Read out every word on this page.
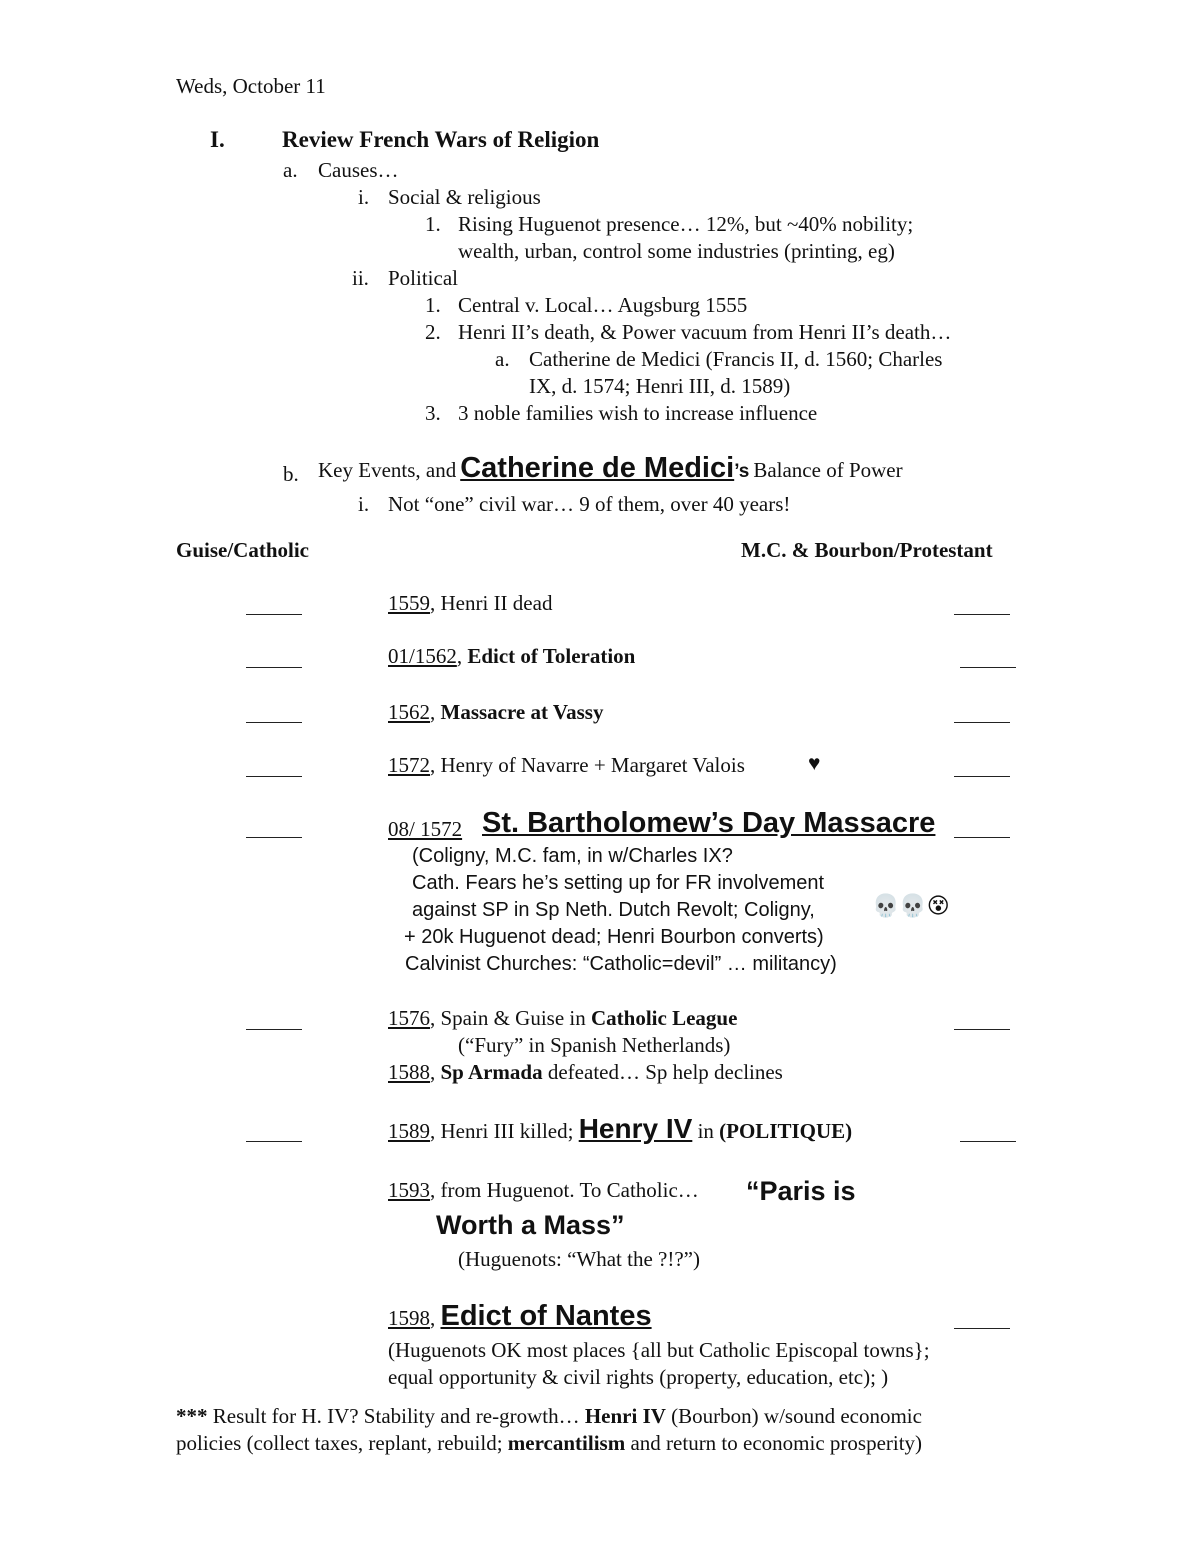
Weds, October 11
I. Review French Wars of Religion
a. Causes…
i. Social & religious
1. Rising Huguenot presence… 12%, but ~40% nobility;
wealth, urban, control some industries (printing, eg)
ii. Political
1. Central v. Local… Augsburg 1555
2. Henri II’s death, & Power vacuum from Henri II’s death…
a. Catherine de Medici (Francis II, d. 1560; Charles
IX, d. 1574; Henri III, d. 1589)
3. 3 noble families wish to increase influence
b. Key Events, and Catherine de Medici’s Balance of Power
i. Not “one” civil war… 9 of them, over 40 years!
Guise/Catholic	M.C. & Bourbon/Protestant
1559, Henri II dead
01/1562, Edict of Toleration
1562, Massacre at Vassy
1572, Henry of Navarre + Margaret Valois	♥
08/ 1572 St. Bartholomew’s Day Massacre
(Coligny, M.C. fam, in w/Charles IX?
Cath. Fears he’s setting up for FR involvement
against SP in Sp Neth. Dutch Revolt; Coligny,	💀💀😵
+ 20k Huguenot dead; Henri Bourbon converts)
Calvinist Churches: “Catholic=devil” … militancy)
1576, Spain & Guise in Catholic League
(“Fury” in Spanish Netherlands)
1588, Sp Armada defeated… Sp help declines
1589, Henri III killed; Henry IV in (POLITIQUE)
1593, from Huguenot. To Catholic… “Paris is
Worth a Mass”
(Huguenots: “What the ?!?”)
1598, Edict of Nantes
(Huguenots OK most places {all but Catholic Episcopal towns};
equal opportunity & civil rights (property, education, etc); )
*** Result for H. IV? Stability and re-growth… Henri IV (Bourbon) w/sound economic
policies (collect taxes, replant, rebuild; mercantilism and return to economic prosperity)
